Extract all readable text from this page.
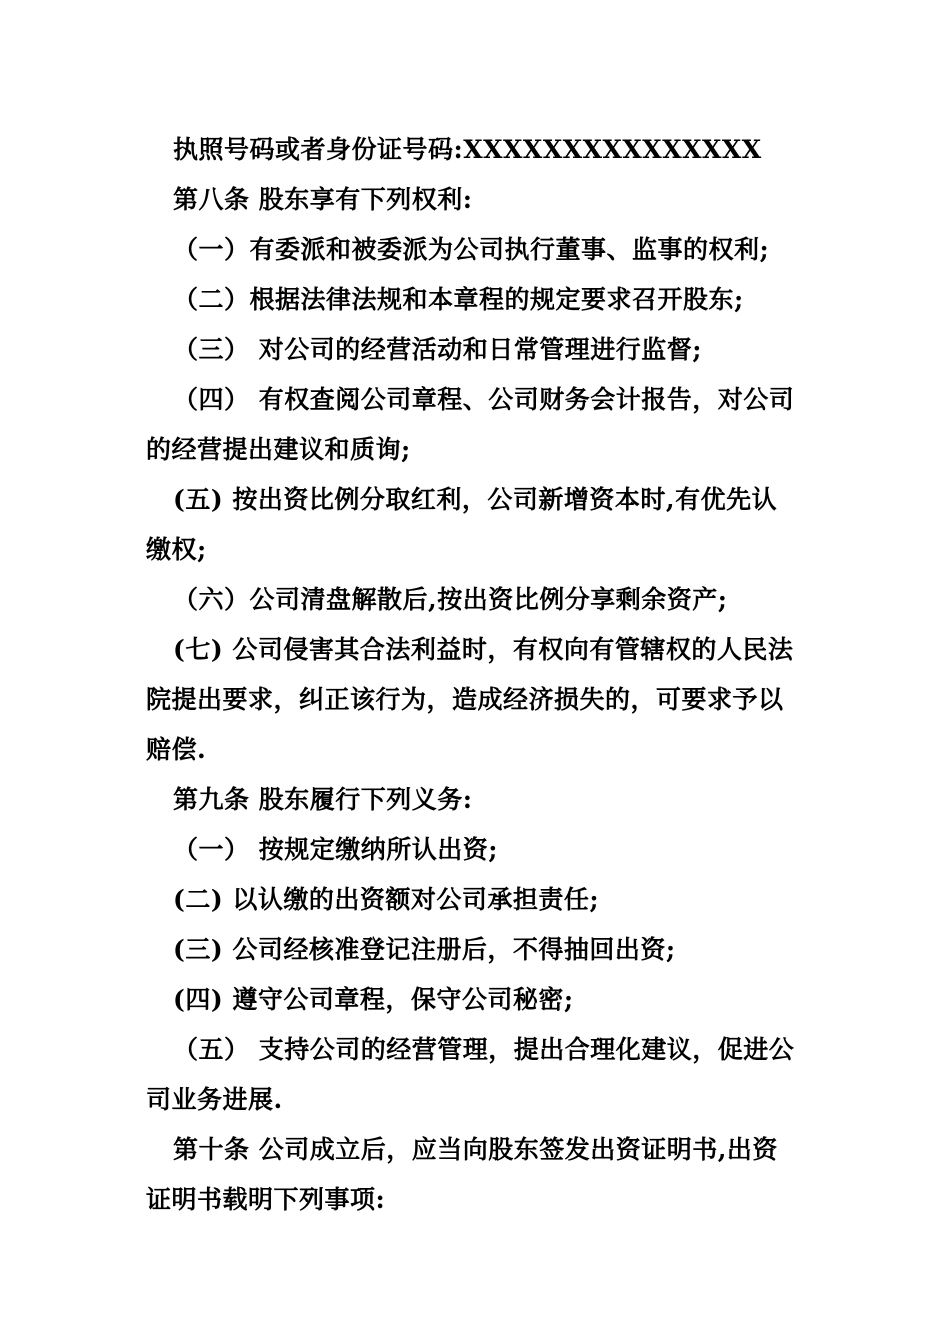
执照号码或者身份证号码:XXXXXXXXXXXXXXX

第八条 股东享有下列权利:

（一）有委派和被委派为公司执行董事、监事的权利;

（二）根据法律法规和本章程的规定要求召开股东;

（三） 对公司的经营活动和日常管理进行监督;

（四） 有权查阅公司章程、公司财务会计报告，对公司

的经营提出建议和质询;

(五) 按出资比例分取红利，公司新增资本时,有优先认

缴权;

（六）公司清盘解散后,按出资比例分享剩余资产;

(七) 公司侵害其合法利益时，有权向有管辖权的人民法

院提出要求，纠正该行为，造成经济损失的，可要求予以

赔偿.

第九条 股东履行下列义务:

（一） 按规定缴纳所认出资;

(二) 以认缴的出资额对公司承担责任;

(三) 公司经核准登记注册后，不得抽回出资;

(四) 遵守公司章程，保守公司秘密;

（五） 支持公司的经营管理，提出合理化建议，促进公

司业务进展.

第十条 公司成立后，应当向股东签发出资证明书,出资

证明书载明下列事项:
